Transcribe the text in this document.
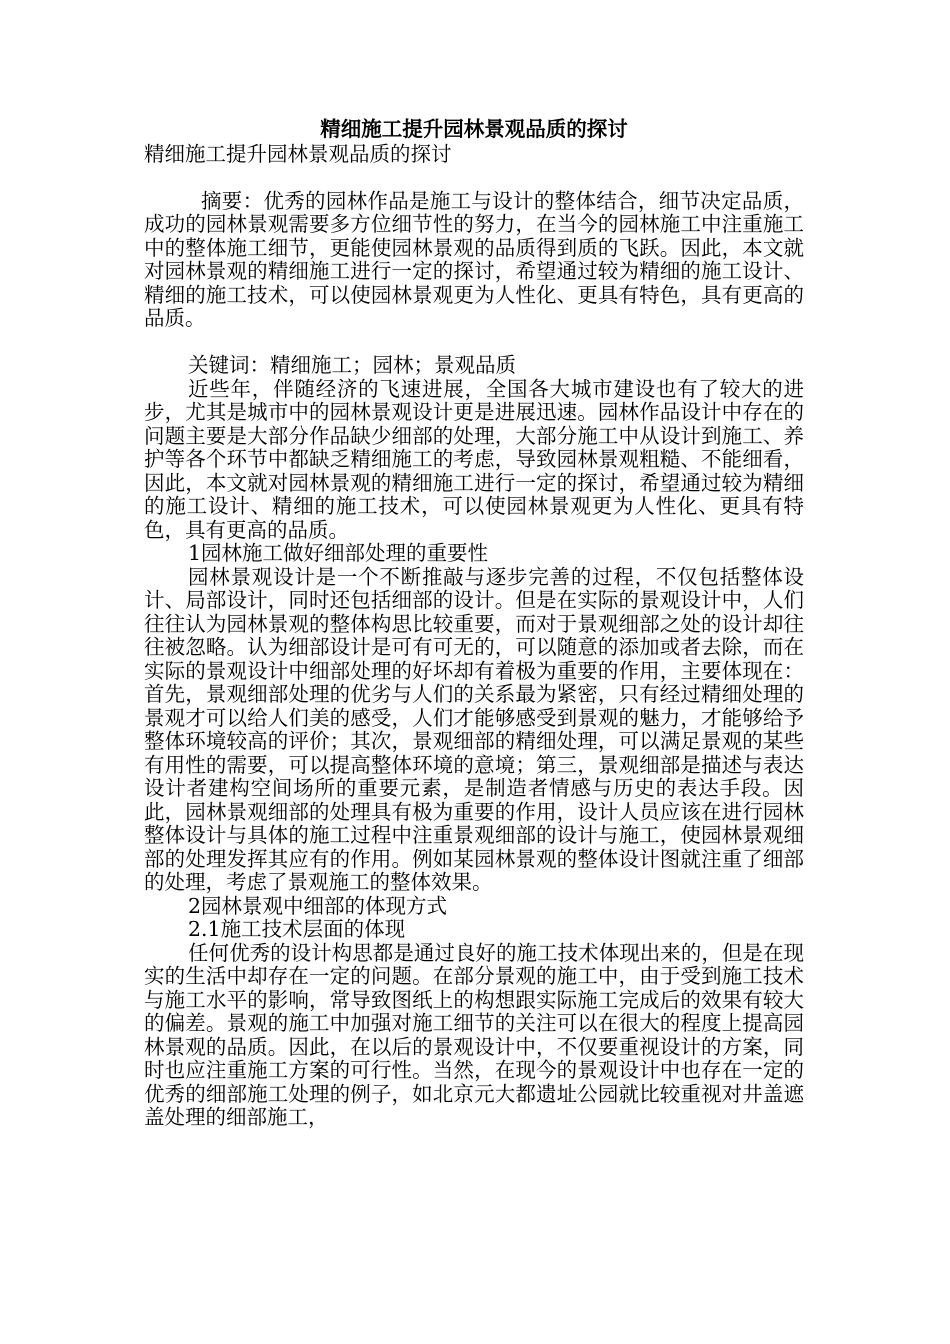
精细施工提升园林景观品质的探讨

精细施工提升园林景观品质的探讨

摘要：优秀的园林作品是施工与设计的整体结合，细节决定品质，成功的园林景观需要多方位细节性的努力，在当今的园林施工中注重施工中的整体施工细节，更能使园林景观的品质得到质的飞跃。因此，本文就对园林景观的精细施工进行一定的探讨，希望通过较为精细的施工设计、精细的施工技术，可以使园林景观更为人性化、更具有特色，具有更高的品质。

关键词：精细施工；园林；景观品质

近些年，伴随经济的飞速进展，全国各大城市建设也有了较大的进步，尤其是城市中的园林景观设计更是进展迅速。园林作品设计中存在的问题主要是大部分作品缺少细部的处理，大部分施工中从设计到施工、养护等各个环节中都缺乏精细施工的考虑，导致园林景观粗糙、不能细看，因此，本文就对园林景观的精细施工进行一定的探讨，希望通过较为精细的施工设计、精细的施工技术，可以使园林景观更为人性化、更具有特色，具有更高的品质。

1园林施工做好细部处理的重要性

园林景观设计是一个不断推敲与逐步完善的过程，不仅包括整体设计、局部设计，同时还包括细部的设计。但是在实际的景观设计中，人们往往认为园林景观的整体构思比较重要，而对于景观细部之处的设计却往往被忽略。认为细部设计是可有可无的，可以随意的添加或者去除，而在实际的景观设计中细部处理的好坏却有着极为重要的作用，主要体现在：首先，景观细部处理的优劣与人们的关系最为紧密，只有经过精细处理的景观才可以给人们美的感受，人们才能够感受到景观的魅力，才能够给予整体环境较高的评价；其次，景观细部的精细处理，可以满足景观的某些有用性的需要，可以提高整体环境的意境；第三，景观细部是描述与表达设计者建构空间场所的重要元素，是制造者情感与历史的表达手段。因此，园林景观细部的处理具有极为重要的作用，设计人员应该在进行园林整体设计与具体的施工过程中注重景观细部的设计与施工，使园林景观细部的处理发挥其应有的作用。例如某园林景观的整体设计图就注重了细部的处理，考虑了景观施工的整体效果。

2园林景观中细部的体现方式

2.1施工技术层面的体现

任何优秀的设计构思都是通过良好的施工技术体现出来的，但是在现实的生活中却存在一定的问题。在部分景观的施工中，由于受到施工技术与施工水平的影响，常导致图纸上的构想跟实际施工完成后的效果有较大的偏差。景观的施工中加强对施工细节的关注可以在很大的程度上提高园林景观的品质。因此，在以后的景观设计中，不仅要重视设计的方案，同时也应注重施工方案的可行性。当然，在现今的景观设计中也存在一定的优秀的细部施工处理的例子，如北京元大都遗址公园就比较重视对井盖遮盖处理的细部施工，
